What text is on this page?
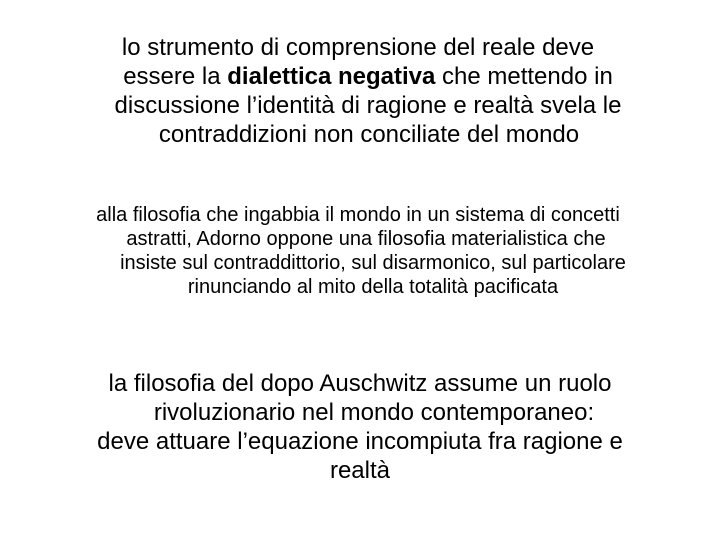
lo strumento di comprensione del reale deve
essere la dialettica negativa che mettendo in
discussione l’identità di ragione e realtà svela le
contraddizioni non conciliate del mondo
alla filosofia che ingabbia il mondo in un sistema di concetti
astratti, Adorno oppone una filosofia materialistica che
insiste sul contraddittorio, sul disarmonico, sul particolare
rinunciando al mito della totalità pacificata
la filosofia del dopo Auschwitz assume un ruolo
rivoluzionario nel mondo contemporaneo:
deve attuare l’equazione incompiuta fra ragione e
realtà
